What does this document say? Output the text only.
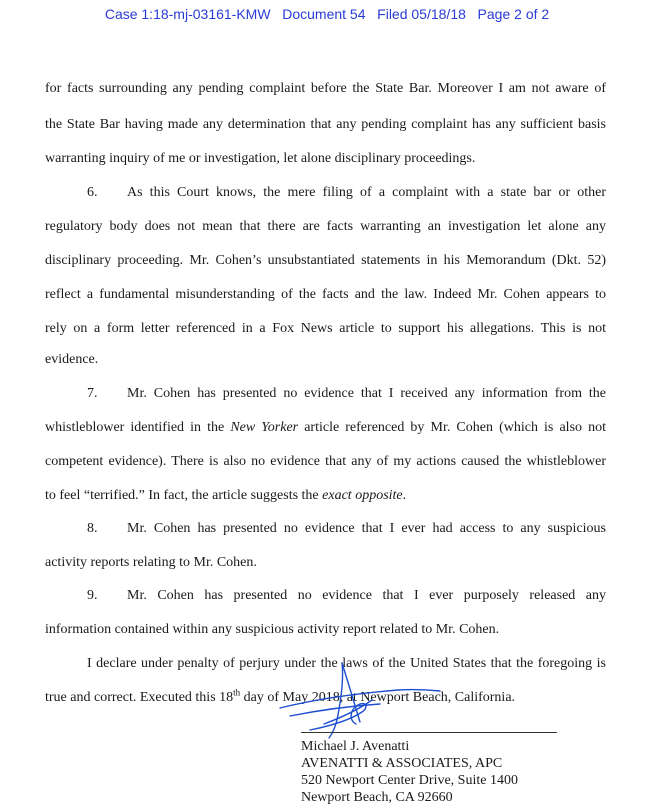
Case 1:18-mj-03161-KMW   Document 54   Filed 05/18/18   Page 2 of 2
for facts surrounding any pending complaint before the State Bar. Moreover I am not aware of
the State Bar having made any determination that any pending complaint has any sufficient basis
warranting inquiry of me or investigation, let alone disciplinary proceedings.
6. As this Court knows, the mere filing of a complaint with a state bar or other
regulatory body does not mean that there are facts warranting an investigation let alone any
disciplinary proceeding. Mr. Cohen’s unsubstantiated statements in his Memorandum (Dkt. 52)
reflect a fundamental misunderstanding of the facts and the law. Indeed Mr. Cohen appears to
rely on a form letter referenced in a Fox News article to support his allegations. This is not
evidence.
7. Mr. Cohen has presented no evidence that I received any information from the
whistleblower identified in the New Yorker article referenced by Mr. Cohen (which is also not
competent evidence). There is also no evidence that any of my actions caused the whistleblower
to feel “terrified.” In fact, the article suggests the exact opposite.
8. Mr. Cohen has presented no evidence that I ever had access to any suspicious
activity reports relating to Mr. Cohen.
9. Mr. Cohen has presented no evidence that I ever purposely released any
information contained within any suspicious activity report related to Mr. Cohen.
I declare under penalty of perjury under the laws of the United States that the foregoing is
true and correct. Executed this 18th day of May 2018, at Newport Beach, California.
Michael J. Avenatti
AVENATTI & ASSOCIATES, APC
520 Newport Center Drive, Suite 1400
Newport Beach, CA 92660
